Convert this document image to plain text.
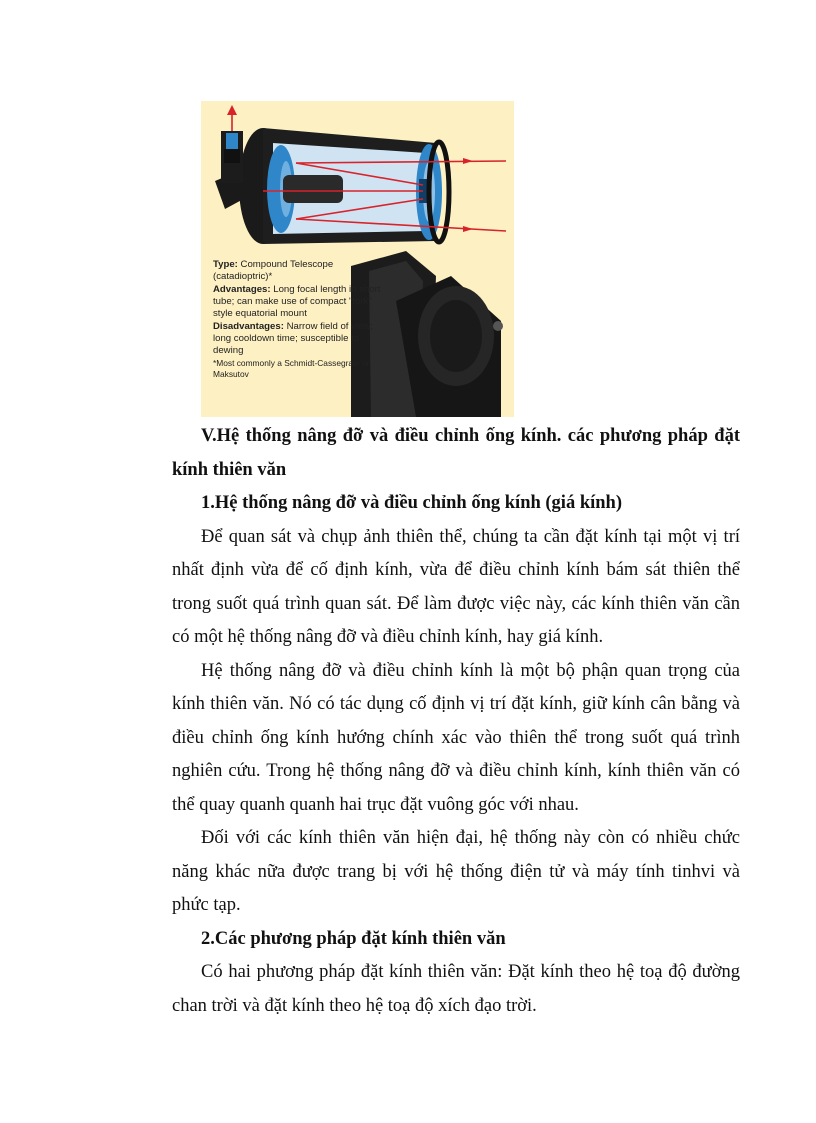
Type: Compound Telescope (catadioptric)*
Advantages: Long focal length in short tube; can make use of compact "fork" style equatorial mount
Disadvantages: Narrow field of view; long cooldown time; susceptible to dewing
*Most commonly a Schmidt-Cassegrain or Maksutov
V.Hệ thống nâng đỡ và điều chỉnh ống kính. các phương pháp đặt kính thiên văn
1.Hệ thống nâng đỡ và điều chỉnh ống kính (giá kính)

Để quan sát và chụp ảnh thiên thể, chúng ta cần đặt kính tại một vị trí nhất định vừa để cố định kính, vừa để điều chỉnh kính bám sát thiên thể trong suốt quá trình quan sát. Để làm được việc này, các kính thiên văn cần có một hệ thống nâng đỡ và điều chỉnh kính, hay giá kính.

Hệ thống nâng đỡ và điều chỉnh kính là một bộ phận quan trọng của kính thiên văn. Nó có tác dụng cố định vị trí đặt kính, giữ kính cân bằng và điều chỉnh ống kính hướng chính xác vào thiên thể trong suốt quá trình nghiên cứu. Trong hệ thống nâng đỡ và điều chỉnh kính, kính thiên văn có thể quay quanh quanh hai trục đặt vuông góc với nhau.

Đối với các kính thiên văn hiện đại, hệ thống này còn có nhiều chức năng khác nữa được trang bị với hệ thống điện tử và máy tính tinhvi và phức tạp.

2.Các phương pháp đặt kính thiên văn

Có hai phương pháp đặt kính thiên văn: Đặt kính theo hệ toạ độ đường chan trời và đặt kính theo hệ toạ độ xích đạo trời.
